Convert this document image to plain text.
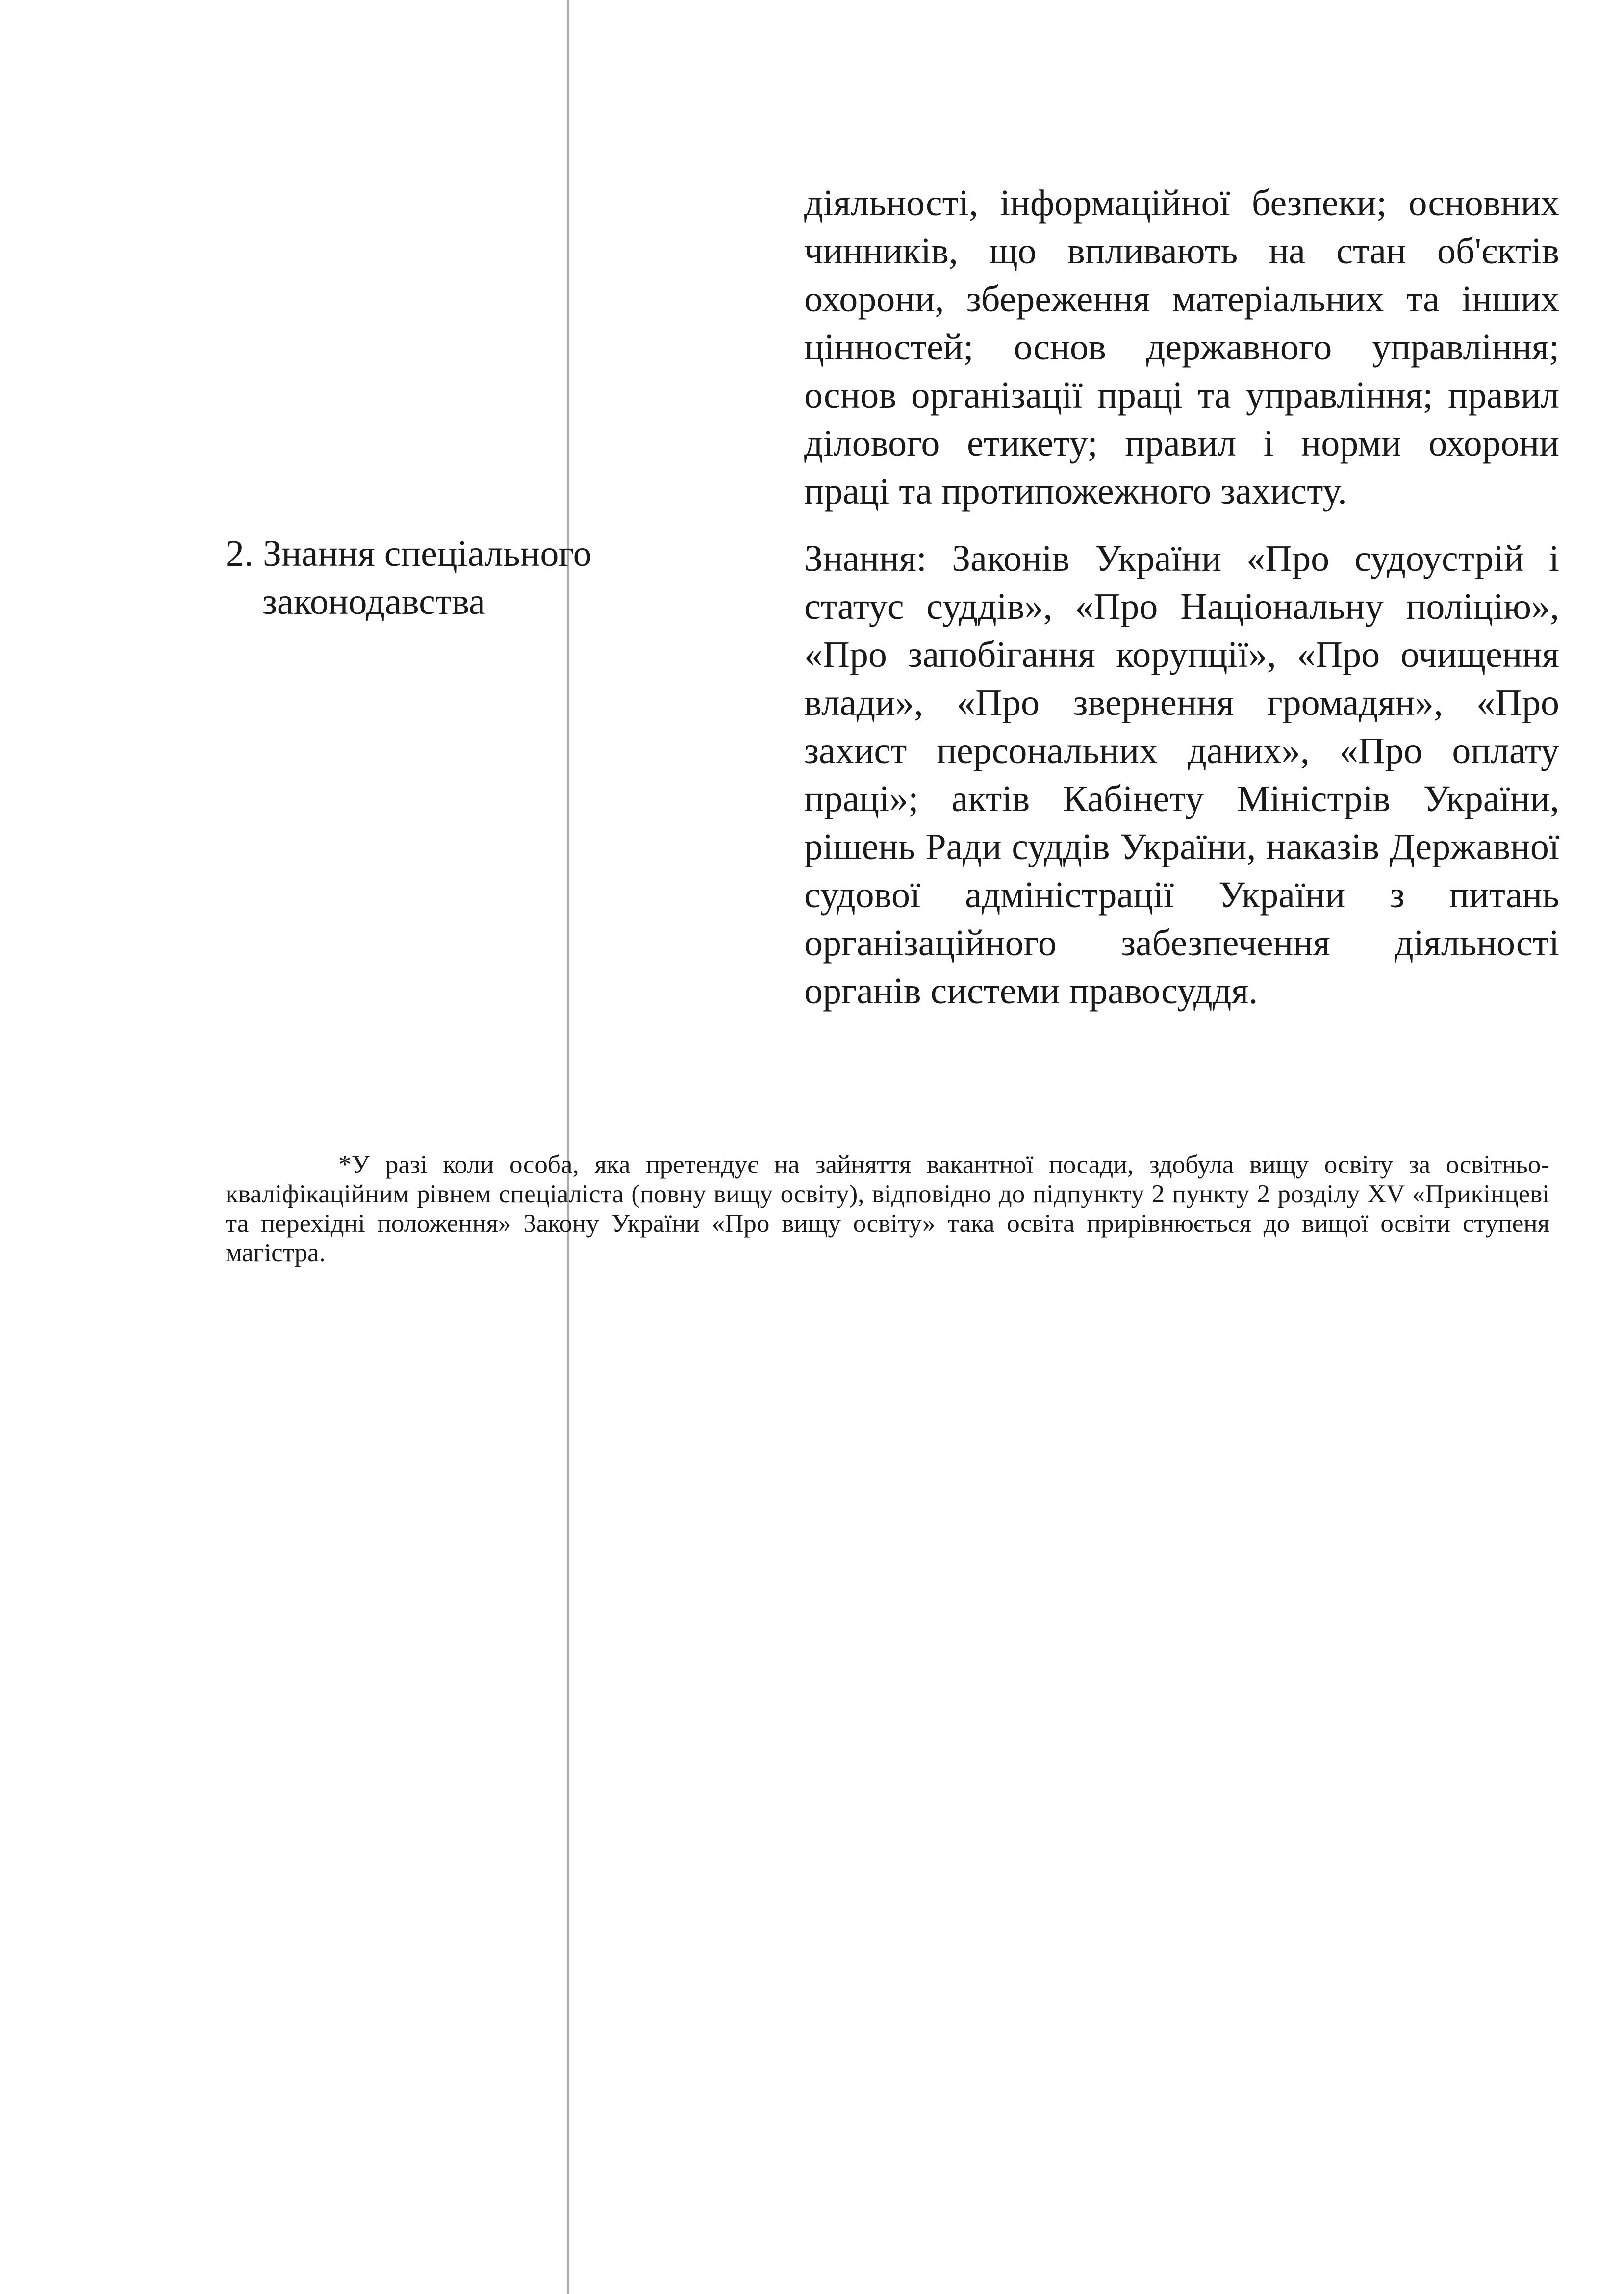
діяльності, інформаційної безпеки; основних чинників, що впливають на стан об'єктів охорони, збереження матеріальних та інших цінностей; основ державного управління; основ організації праці та управління; правил ділового етикету; правил і норми охорони праці та протипожежного захисту.

2. Знання спеціального
законодавства

Знання: Законів України «Про судоустрій і статус суддів», «Про Національну поліцію», «Про запобігання корупції», «Про очищення влади», «Про звернення громадян», «Про захист персональних даних», «Про оплату праці»; актів Кабінету Міністрів України, рішень Ради суддів України, наказів Державної судової адміністрації України з питань організаційного забезпечення діяльності органів системи правосуддя.

*У разі коли особа, яка претендує на зайняття вакантної посади, здобула вищу освіту за освітньо-кваліфікаційним рівнем спеціаліста (повну вищу освіту), відповідно до підпункту 2 пункту 2 розділу XV «Прикінцеві та перехідні положення» Закону України «Про вищу освіту» така освіта прирівнюється до вищої освіти ступеня магістра.
